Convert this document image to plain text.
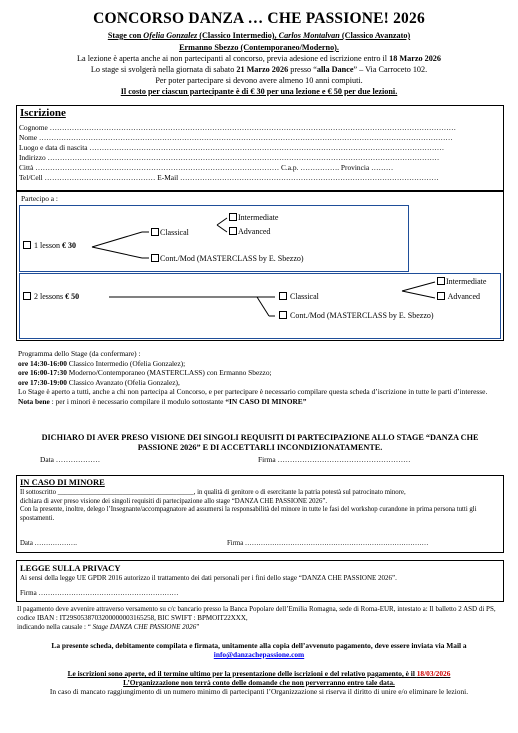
CONCORSO DANZA … CHE PASSIONE! 2026
Stage con Ofelia Gonzalez (Classico Intermedio), Carlos Montalvan (Classico Avanzato)
Ermanno Sbezzo (Contemporaneo/Moderno).
La lezione è aperta anche ai non partecipanti al concorso, previa adesione ed iscrizione entro il 18 Marzo 2026
Lo stage si svolgerà nella giornata di sabato 21 Marzo 2026 presso “alla Dance” – Via Carroceto 102.
Per poter partecipare si devono avere almeno 10 anni compiuti.
Il costo per ciascun partecipante è di € 30 per una lezione e € 50 per due lezioni.
Iscrizione
Cognome …………………………………………………………………………………………………………………………………………………
Nome ……………………………………………………………………………………………………………………………………………………
Luogo e data di nascita ………………………………………………………………………………………………………………………………
Indirizzo ……………………………………………………………………………………………………………………………………………
Città ……………………………………………………………………………………… C.a.p. ……………. Provincia ………
Tel/Cell ……………………………………… E-Mail ……………………………………………………………………………………………
Partecipo a :
1 lesson € 30
Classical
Intermediate
Advanced
Cont./Mod (MASTERCLASS by E. Sbezzo)
2 lessons € 50	Classical
Intermediate
Advanced
Cont./Mod (MASTERCLASS by E. Sbezzo)
Programma dello Stage (da confermare) :
ore 14:30-16:00 Classico Intermedio (Ofelia Gonzalez);
ore 16:00-17:30 Moderno/Contemporaneo (MASTERCLASS) con Ermanno Sbezzo;
ore 17:30-19:00 Classico Avanzato (Ofelia Gonzalez),
Lo Stage è aperto a tutti, anche a chi non partecipa al Concorso, e per partecipare è necessario compilare questa scheda d’iscrizione in tutte le parti d’interesse.
Nota bene : per i minori è necessario compilare il modulo sottostante “IN CASO DI MINORE”
DICHIARO DI AVER PRESO VISIONE DEI SINGOLI REQUISITI DI PARTECIPAZIONE ALLO STAGE “DANZA CHE PASSIONE 2026” E DI ACCETTARLI INCONDIZIONATAMENTE.
Data ………………	Firma ………………………………………………
IN CASO DI MINORE
Il sottoscritto ________________________________________, in qualità di genitore o di esercitante la patria potestà sul patrocinato minore,
dichiara di aver preso visione dei singoli requisiti di partecipazione allo stage “DANZA CHE PASSIONE 2026”.
Con la presente, inoltre, delego l’Insegnante/accompagnatore ad assumersi la responsabilità del minore in tutte le fasi del workshop curandone in prima persona tutti gli spostamenti.
Data ……………….	Firma ………………………………………………………………………
LEGGE SULLA PRIVACY
Ai sensi della legge UE GPDR 2016 autorizzo il trattamento dei dati personali per i fini dello stage “DANZA CHE PASSIONE 2026”.
Firma ……………………………………………………
Il pagamento deve avvenire attraverso versamento su c/c bancario presso la Banca Popolare dell’Emilia Romagna, sede di Roma-EUR, intestato a: Il balletto 2 ASD di PS, codice IBAN : IT29S0538703200000003165258, BIC SWIFT : BPMOIT22XXX,
indicando nella causale : “ Stage DANZA CHE PASSIONE 2026”
La presente scheda, debitamente compilata e firmata, unitamente alla copia dell’avvenuto pagamento, deve essere inviata via Mail a
info@danzachepassione.com
Le iscrizioni sono aperte, ed il termine ultimo per la presentazione delle iscrizioni e del relativo pagamento, è il 18/03/2026
L’Organizzazione non terrà conto delle domande che non perverranno entro tale data.
In caso di mancato raggiungimento di un numero minimo di partecipanti l’Organizzazione si riserva il diritto di unire e/o eliminare le lezioni.
